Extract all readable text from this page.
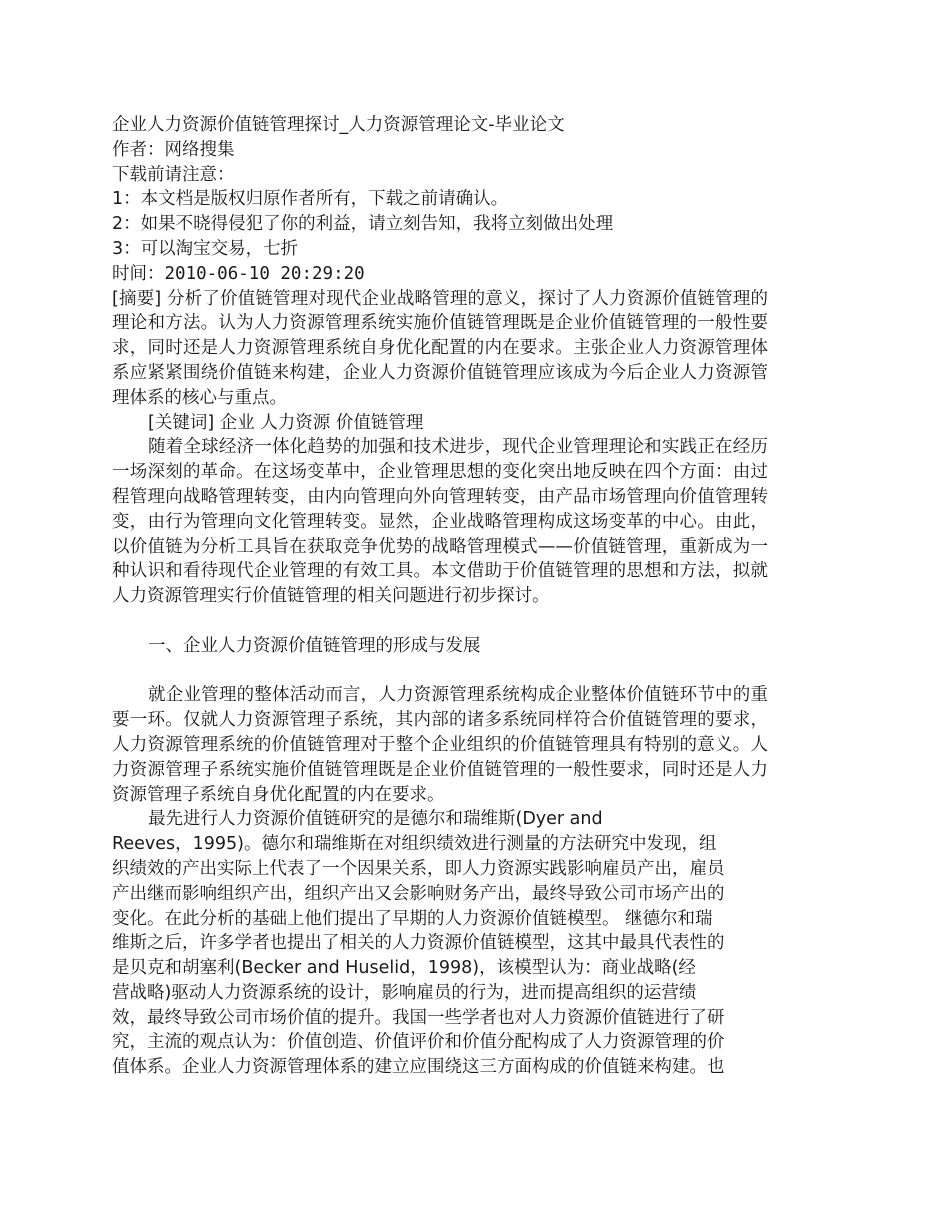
企业人力资源价值链管理探讨_人力资源管理论文-毕业论文
作者：网络搜集
下载前请注意：
1：本文档是版权归原作者所有，下载之前请确认。
2：如果不晓得侵犯了你的利益，请立刻告知，我将立刻做出处理
3：可以淘宝交易，七折
时间：2010-06-10 20:29:20

[摘要] 分析了价值链管理对现代企业战略管理的意义，探讨了人力资源价值链管理的理论和方法。认为人力资源管理系统实施价值链管理既是企业价值链管理的一般性要求，同时还是人力资源管理系统自身优化配置的内在要求。主张企业人力资源管理体系应紧紧围绕价值链来构建，企业人力资源价值链管理应该成为今后企业人力资源管理体系的核心与重点。

[关键词] 企业 人力资源 价值链管理

随着全球经济一体化趋势的加强和技术进步，现代企业管理理论和实践正在经历一场深刻的革命。在这场变革中，企业管理思想的变化突出地反映在四个方面：由过程管理向战略管理转变，由内向管理向外向管理转变，由产品市场管理向价值管理转变，由行为管理向文化管理转变。显然，企业战略管理构成这场变革的中心。由此，以价值链为分析工具旨在获取竞争优势的战略管理模式——价值链管理，重新成为一种认识和看待现代企业管理的有效工具。本文借助于价值链管理的思想和方法，拟就人力资源管理实行价值链管理的相关问题进行初步探讨。

一、企业人力资源价值链管理的形成与发展

就企业管理的整体活动而言，人力资源管理系统构成企业整体价值链环节中的重要一环。仅就人力资源管理子系统，其内部的诸多系统同样符合价值链管理的要求，人力资源管理系统的价值链管理对于整个企业组织的价值链管理具有特别的意义。人力资源管理子系统实施价值链管理既是企业价值链管理的一般性要求，同时还是人力资源管理子系统自身优化配置的内在要求。

最先进行人力资源价值链研究的是德尔和瑞维斯(Dyer and
Reeves，1995)。德尔和瑞维斯在对组织绩效进行测量的方法研究中发现，组
织绩效的产出实际上代表了一个因果关系，即人力资源实践影响雇员产出，雇员
产出继而影响组织产出，组织产出又会影响财务产出，最终导致公司市场产出的
变化。在此分析的基础上他们提出了早期的人力资源价值链模型。 继德尔和瑞
维斯之后，许多学者也提出了相关的人力资源价值链模型，这其中最具代表性的
是贝克和胡塞利(Becker and Huselid，1998)，该模型认为：商业战略(经
营战略)驱动人力资源系统的设计，影响雇员的行为，进而提高组织的运营绩
效，最终导致公司市场价值的提升。我国一些学者也对人力资源价值链进行了研
究，主流的观点认为：价值创造、价值评价和价值分配构成了人力资源管理的价
值体系。企业人力资源管理体系的建立应围绕这三方面构成的价值链来构建。也
